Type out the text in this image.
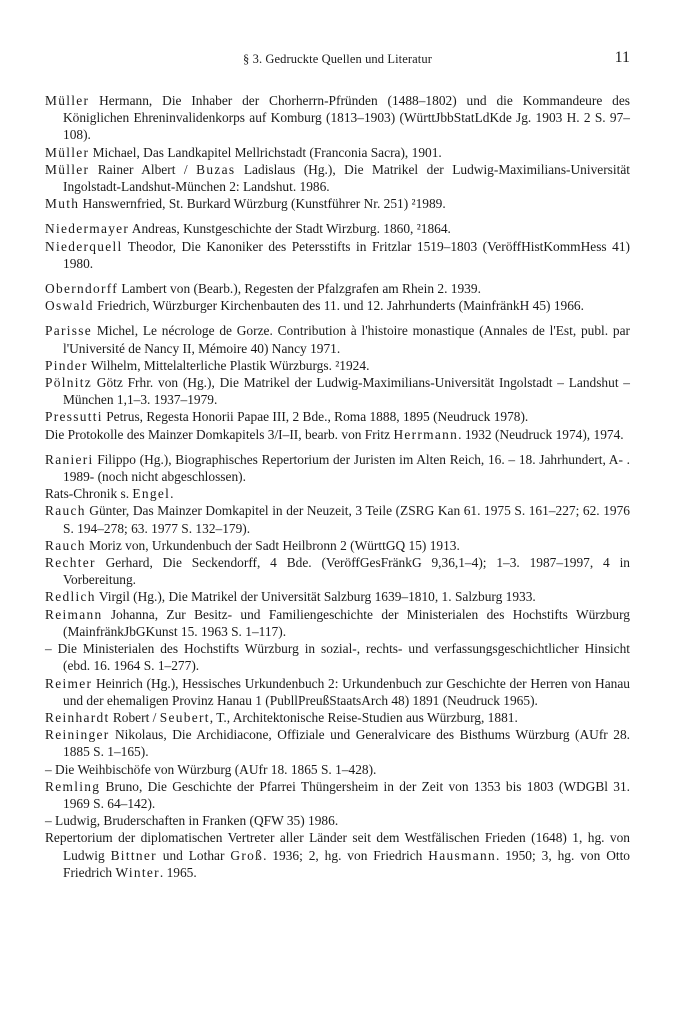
§ 3. Gedruckte Quellen und Literatur	11

Müller Hermann, Die Inhaber der Chorherrn-Pfründen (1488–1802) und die Kommandeure des Königlichen Ehreninvalidenkorps auf Komburg (1813–1903) (WürttJbbStatLdKde Jg. 1903 H. 2 S. 97–108).

Müller Michael, Das Landkapitel Mellrichstadt (Franconia Sacra), 1901.

Müller Rainer Albert / Buzas Ladislaus (Hg.), Die Matrikel der Ludwig-Maximilians-Universität Ingolstadt-Landshut-München 2: Landshut. 1986.

Muth Hanswernfried, St. Burkard Würzburg (Kunstführer Nr. 251) ²1989.

Niedermayer Andreas, Kunstgeschichte der Stadt Wirzburg. 1860, ²1864.

Niederquell Theodor, Die Kanoniker des Petersstifts in Fritzlar 1519–1803 (VeröffHistKommHess 41) 1980.

Oberndorff Lambert von (Bearb.), Regesten der Pfalzgrafen am Rhein 2. 1939.

Oswald Friedrich, Würzburger Kirchenbauten des 11. und 12. Jahrhunderts (MainfränkH 45) 1966.

Parisse Michel, Le nécrologe de Gorze. Contribution à l'histoire monastique (Annales de l'Est, publ. par l'Université de Nancy II, Mémoire 40) Nancy 1971.

Pinder Wilhelm, Mittelalterliche Plastik Würzburgs. ²1924.

Pölnitz Götz Frhr. von (Hg.), Die Matrikel der Ludwig-Maximilians-Universität Ingolstadt – Landshut – München 1,1–3. 1937–1979.

Pressutti Petrus, Regesta Honorii Papae III, 2 Bde., Roma 1888, 1895 (Neudruck 1978).

Die Protokolle des Mainzer Domkapitels 3/I–II, bearb. von Fritz Herrmann. 1932 (Neudruck 1974), 1974.

Ranieri Filippo (Hg.), Biographisches Repertorium der Juristen im Alten Reich, 16. – 18. Jahrhundert, A- . 1989- (noch nicht abgeschlossen).

Rats-Chronik s. Engel.

Rauch Günter, Das Mainzer Domkapitel in der Neuzeit, 3 Teile (ZSRG Kan 61. 1975 S. 161–227; 62. 1976 S. 194–278; 63. 1977 S. 132–179).

Rauch Moriz von, Urkundenbuch der Sadt Heilbronn 2 (WürttGQ 15) 1913.

Rechter Gerhard, Die Seckendorff, 4 Bde. (VeröffGesFränkG 9,36,1–4); 1–3. 1987–1997, 4 in Vorbereitung.

Redlich Virgil (Hg.), Die Matrikel der Universität Salzburg 1639–1810, 1. Salzburg 1933.

Reimann Johanna, Zur Besitz- und Familiengeschichte der Ministerialen des Hochstifts Würzburg (MainfränkJbGKunst 15. 1963 S. 1–117).

– Die Ministerialen des Hochstifts Würzburg in sozial-, rechts- und verfassungsgeschichtlicher Hinsicht (ebd. 16. 1964 S. 1–277).

Reimer Heinrich (Hg.), Hessisches Urkundenbuch 2: Urkundenbuch zur Geschichte der Herren von Hanau und der ehemaligen Provinz Hanau 1 (PubllPreußStaatsArch 48) 1891 (Neudruck 1965).

Reinhardt Robert / Seubert, T., Architektonische Reise-Studien aus Würzburg, 1881.

Reininger Nikolaus, Die Archidiacone, Offiziale und Generalvicare des Bisthums Würzburg (AUfr 28. 1885 S. 1–165).

– Die Weihbischöfe von Würzburg (AUfr 18. 1865 S. 1–428).

Remling Bruno, Die Geschichte der Pfarrei Thüngersheim in der Zeit von 1353 bis 1803 (WDGBl 31. 1969 S. 64–142).

– Ludwig, Bruderschaften in Franken (QFW 35) 1986.

Repertorium der diplomatischen Vertreter aller Länder seit dem Westfälischen Frieden (1648) 1, hg. von Ludwig Bittner und Lothar Groß. 1936; 2, hg. von Friedrich Hausmann. 1950; 3, hg. von Otto Friedrich Winter. 1965.
